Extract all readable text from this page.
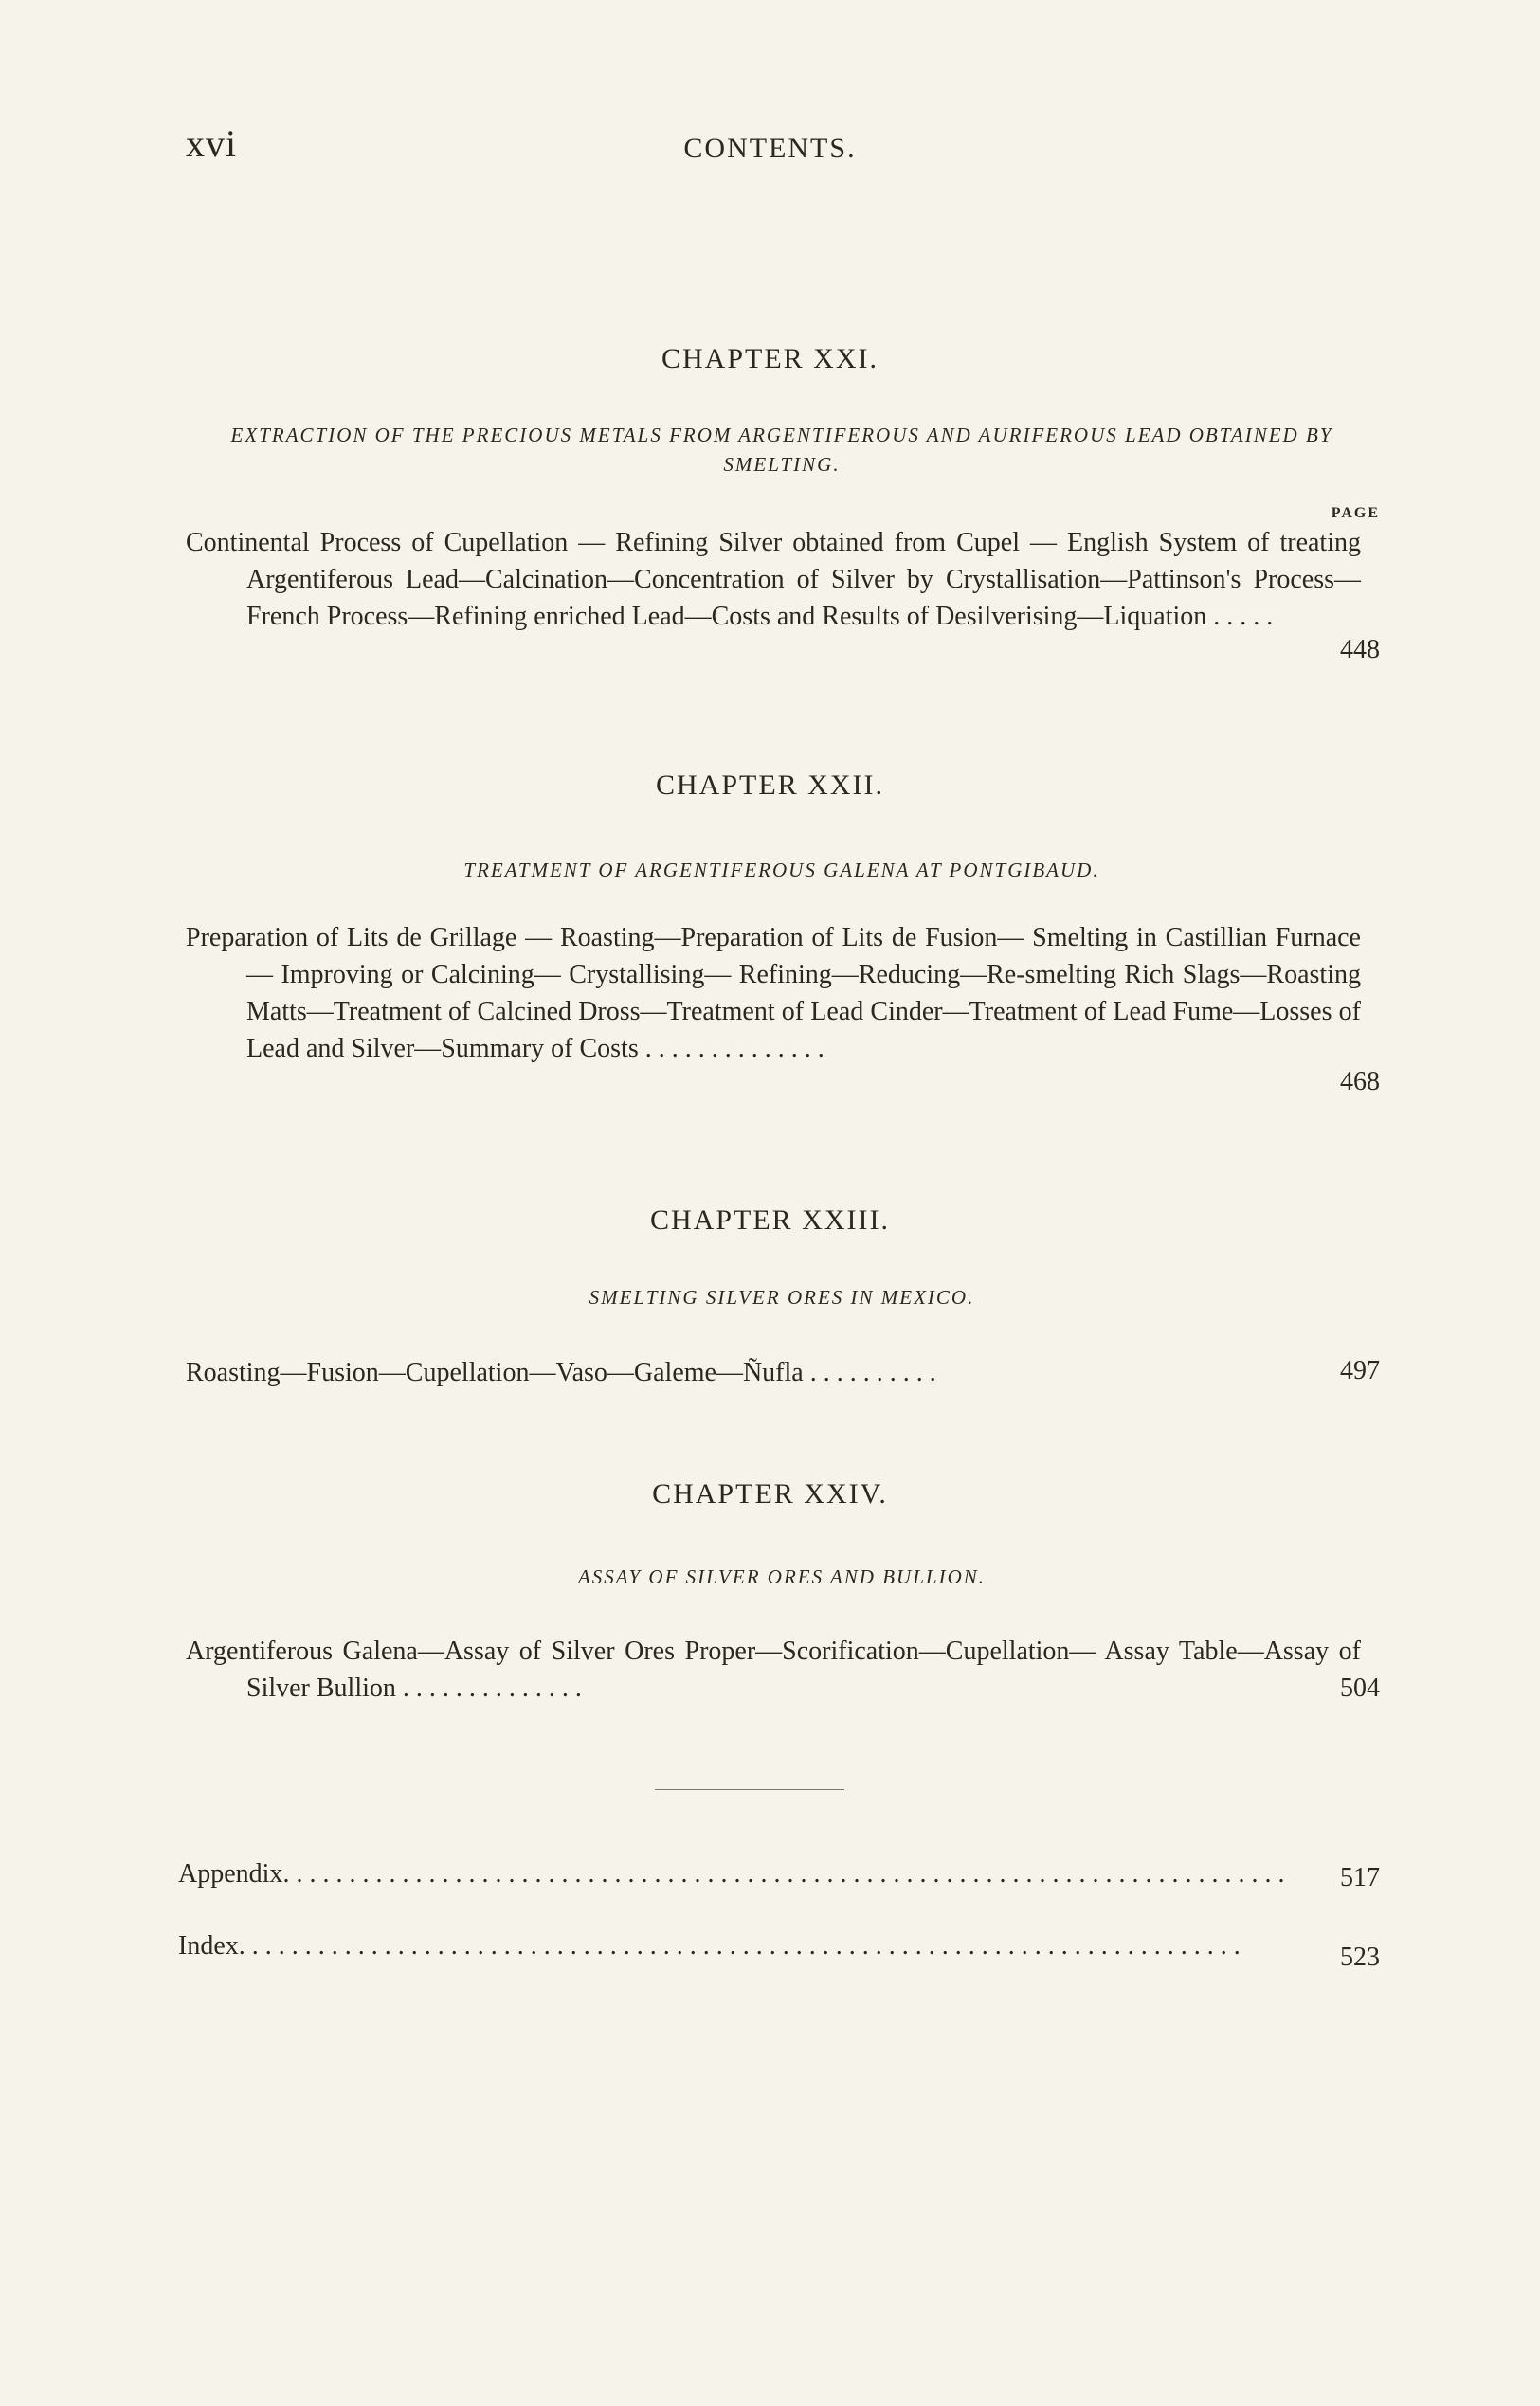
xvi	CONTENTS.
CHAPTER XXI.
EXTRACTION OF THE PRECIOUS METALS FROM ARGENTIFEROUS AND AURIFEROUS LEAD OBTAINED BY SMELTING.
PAGE
Continental Process of Cupellation — Refining Silver obtained from Cupel — English System of treating Argentiferous Lead—Calcination—Concentration of Silver by Crystallisation—Pattinson's Process—French Process—Refining enriched Lead—Costs and Results of Desilverising—Liquation . . . . .
448
CHAPTER XXII.
TREATMENT OF ARGENTIFEROUS GALENA AT PONTGIBAUD.
Preparation of Lits de Grillage — Roasting—Preparation of Lits de Fusion— Smelting in Castillian Furnace — Improving or Calcining— Crystallising— Refining—Reducing—Re-smelting Rich Slags—Roasting Matts—Treatment of Calcined Dross—Treatment of Lead Cinder—Treatment of Lead Fume—Losses of Lead and Silver—Summary of Costs . . . . . . . . . . . . . .
468
CHAPTER XXIII.
SMELTING SILVER ORES IN MEXICO.
Roasting—Fusion—Cupellation—Vaso—Galeme—Ñufla . . . . . . . . . .	497
CHAPTER XXIV.
ASSAY OF SILVER ORES AND BULLION.
Argentiferous Galena—Assay of Silver Ores Proper—Scorification—Cupellation— Assay Table—Assay of Silver Bullion . . . . . . . . . . . . . .	504
Appendix . . .	517
Index . . .	523
